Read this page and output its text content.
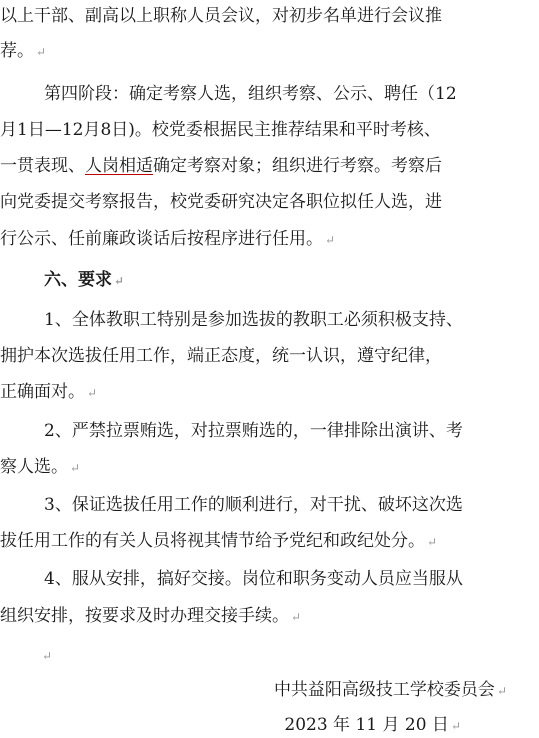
以上干部、副高以上职称人员会议，对初步名单进行会议推
荐。 ↵
第四阶段：确定考察人选，组织考察、公示、聘任（12
月1日—12月8日)。校党委根据民主推荐结果和平时考核、
一贯表现、人岗相适确定考察对象；组织进行考察。考察后
向党委提交考察报告，校党委研究决定各职位拟任人选，进
行公示、任前廉政谈话后按程序进行任用。 ↵
六、要求 ↵
1、全体教职工特别是参加选拔的教职工必须积极支持、
拥护本次选拔任用工作，端正态度，统一认识，遵守纪律，
正确面对。 ↵
2、严禁拉票贿选，对拉票贿选的，一律排除出演讲、考
察人选。 ↵
3、保证选拔任用工作的顺利进行，对干扰、破坏这次选
拔任用工作的有关人员将视其情节给予党纪和政纪处分。 ↵
4、服从安排，搞好交接。岗位和职务变动人员应当服从
组织安排，按要求及时办理交接手续。 ↵
↵
中共益阳高级技工学校委员会 ↵
2023 年 11 月 20 日 ↵
